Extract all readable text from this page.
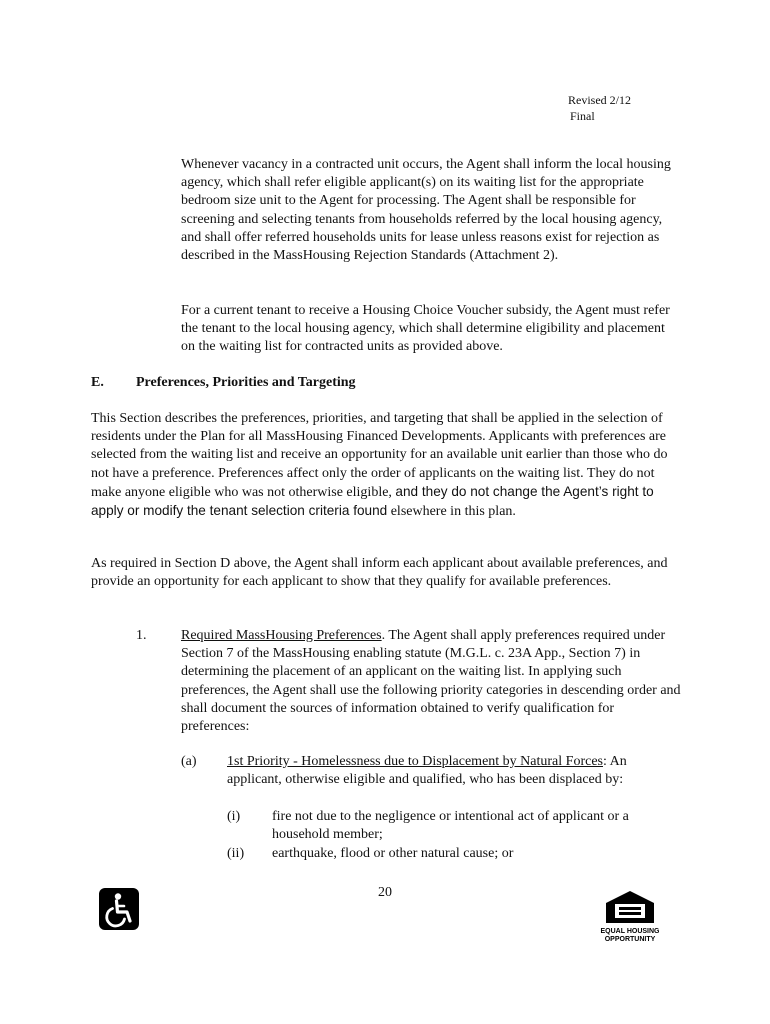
Revised 2/12
Final

Whenever vacancy in a contracted unit occurs, the Agent shall inform the local housing agency, which shall refer eligible applicant(s) on its waiting list for the appropriate bedroom size unit to the Agent for processing. The Agent shall be responsible for screening and selecting tenants from households referred by the local housing agency, and shall offer referred households units for lease unless reasons exist for rejection as described in the MassHousing Rejection Standards (Attachment 2).

For a current tenant to receive a Housing Choice Voucher subsidy, the Agent must refer the tenant to the local housing agency, which shall determine eligibility and placement on the waiting list for contracted units as provided above.

E. Preferences, Priorities and Targeting

This Section describes the preferences, priorities, and targeting that shall be applied in the selection of residents under the Plan for all MassHousing Financed Developments. Applicants with preferences are selected from the waiting list and receive an opportunity for an available unit earlier than those who do not have a preference. Preferences affect only the order of applicants on the waiting list. They do not make anyone eligible who was not otherwise eligible, and they do not change the Agent’s right to apply or modify the tenant selection criteria found elsewhere in this plan.

As required in Section D above, the Agent shall inform each applicant about available preferences, and provide an opportunity for each applicant to show that they qualify for available preferences.

1. Required MassHousing Preferences. The Agent shall apply preferences required under Section 7 of the MassHousing enabling statute (M.G.L. c. 23A App., Section 7) in determining the placement of an applicant on the waiting list. In applying such preferences, the Agent shall use the following priority categories in descending order and shall document the sources of information obtained to verify qualification for preferences:

(a) 1st Priority - Homelessness due to Displacement by Natural Forces: An applicant, otherwise eligible and qualified, who has been displaced by:

(i) fire not due to the negligence or intentional act of applicant or a household member;

(ii) earthquake, flood or other natural cause; or

20
EQUAL HOUSING
OPPORTUNITY
